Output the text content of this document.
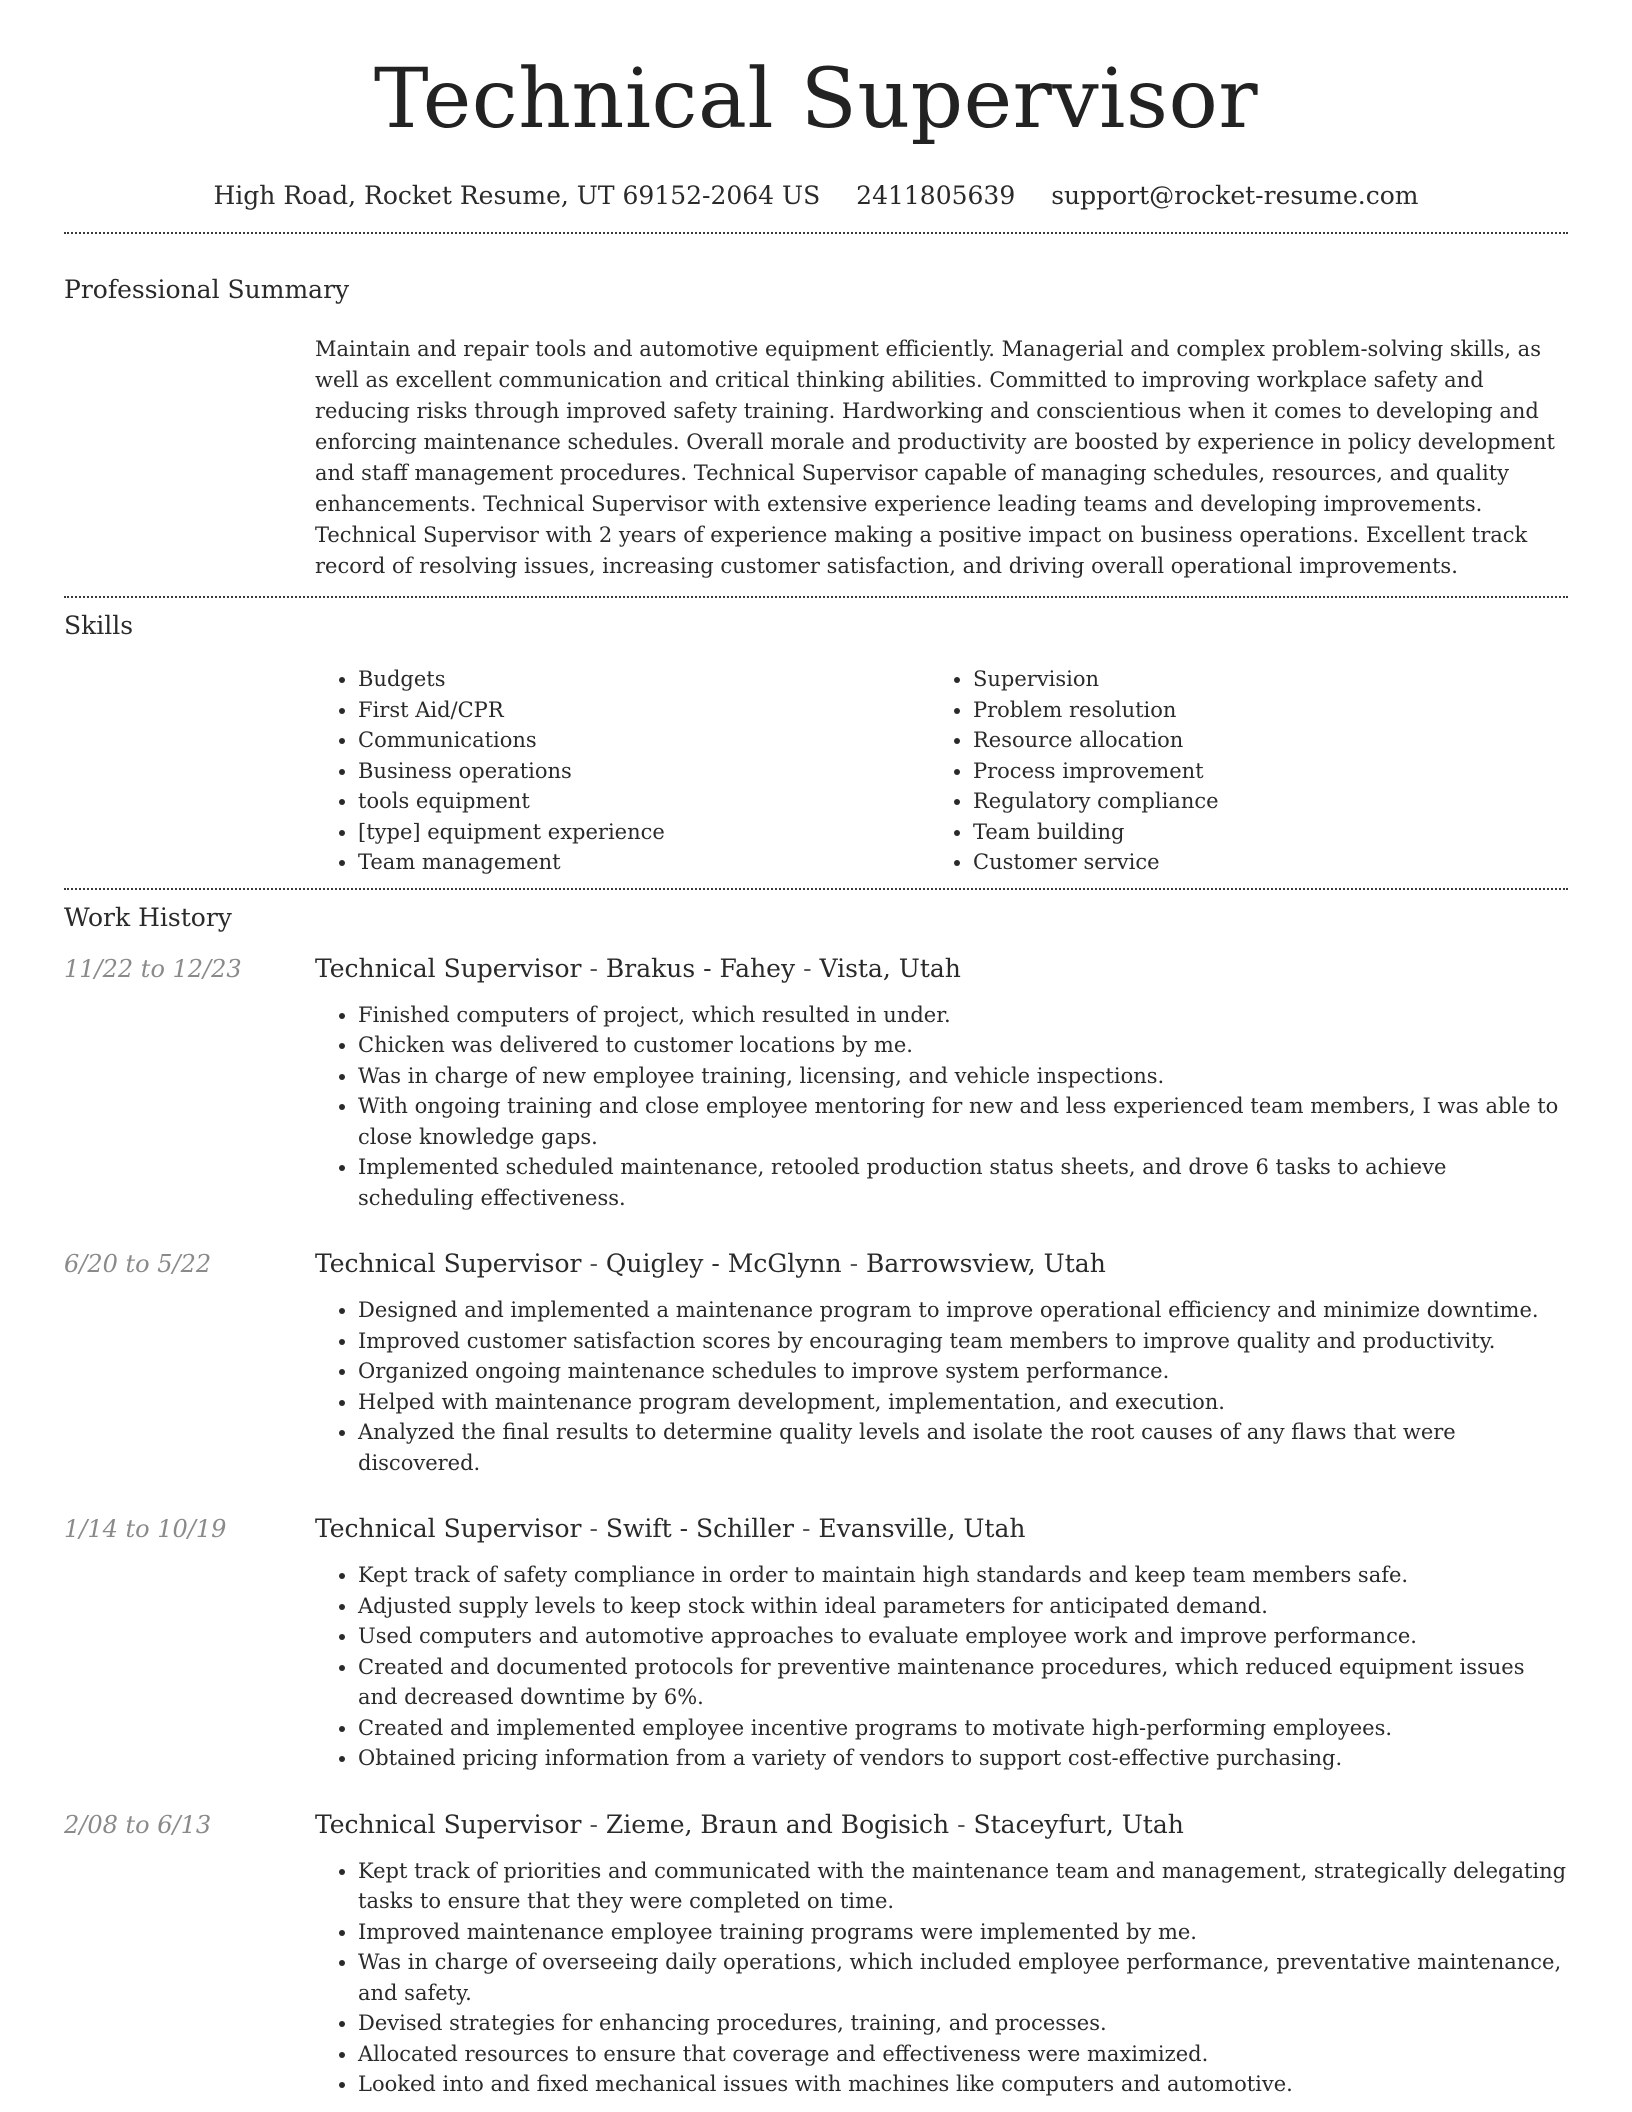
Technical Supervisor
High Road, Rocket Resume, UT 69152-2064 US 2411805639 support@rocket-resume.com
Professional Summary
Maintain and repair tools and automotive equipment efficiently. Managerial and complex problem-solving skills, as well as excellent communication and critical thinking abilities. Committed to improving workplace safety and reducing risks through improved safety training. Hardworking and conscientious when it comes to developing and enforcing maintenance schedules. Overall morale and productivity are boosted by experience in policy development and staff management procedures. Technical Supervisor capable of managing schedules, resources, and quality enhancements. Technical Supervisor with extensive experience leading teams and developing improvements. Technical Supervisor with 2 years of experience making a positive impact on business operations. Excellent track record of resolving issues, increasing customer satisfaction, and driving overall operational improvements.
Skills
• Budgets
• First Aid/CPR
• Communications
• Business operations
• tools equipment
• [type] equipment experience
• Team management
• Supervision
• Problem resolution
• Resource allocation
• Process improvement
• Regulatory compliance
• Team building
• Customer service
Work History
11/22 to 12/23	Technical Supervisor - Brakus - Fahey - Vista, Utah
• Finished computers of project, which resulted in under.
• Chicken was delivered to customer locations by me.
• Was in charge of new employee training, licensing, and vehicle inspections.
• With ongoing training and close employee mentoring for new and less experienced team members, I was able to close knowledge gaps.
• Implemented scheduled maintenance, retooled production status sheets, and drove 6 tasks to achieve scheduling effectiveness.
6/20 to 5/22	Technical Supervisor - Quigley - McGlynn - Barrowsview, Utah
• Designed and implemented a maintenance program to improve operational efficiency and minimize downtime.
• Improved customer satisfaction scores by encouraging team members to improve quality and productivity.
• Organized ongoing maintenance schedules to improve system performance.
• Helped with maintenance program development, implementation, and execution.
• Analyzed the final results to determine quality levels and isolate the root causes of any flaws that were discovered.
1/14 to 10/19	Technical Supervisor - Swift - Schiller - Evansville, Utah
• Kept track of safety compliance in order to maintain high standards and keep team members safe.
• Adjusted supply levels to keep stock within ideal parameters for anticipated demand.
• Used computers and automotive approaches to evaluate employee work and improve performance.
• Created and documented protocols for preventive maintenance procedures, which reduced equipment issues and decreased downtime by 6%.
• Created and implemented employee incentive programs to motivate high-performing employees.
• Obtained pricing information from a variety of vendors to support cost-effective purchasing.
2/08 to 6/13	Technical Supervisor - Zieme, Braun and Bogisich - Staceyfurt, Utah
• Kept track of priorities and communicated with the maintenance team and management, strategically delegating tasks to ensure that they were completed on time.
• Improved maintenance employee training programs were implemented by me.
• Was in charge of overseeing daily operations, which included employee performance, preventative maintenance, and safety.
• Devised strategies for enhancing procedures, training, and processes.
• Allocated resources to ensure that coverage and effectiveness were maximized.
• Looked into and fixed mechanical issues with machines like computers and automotive.
